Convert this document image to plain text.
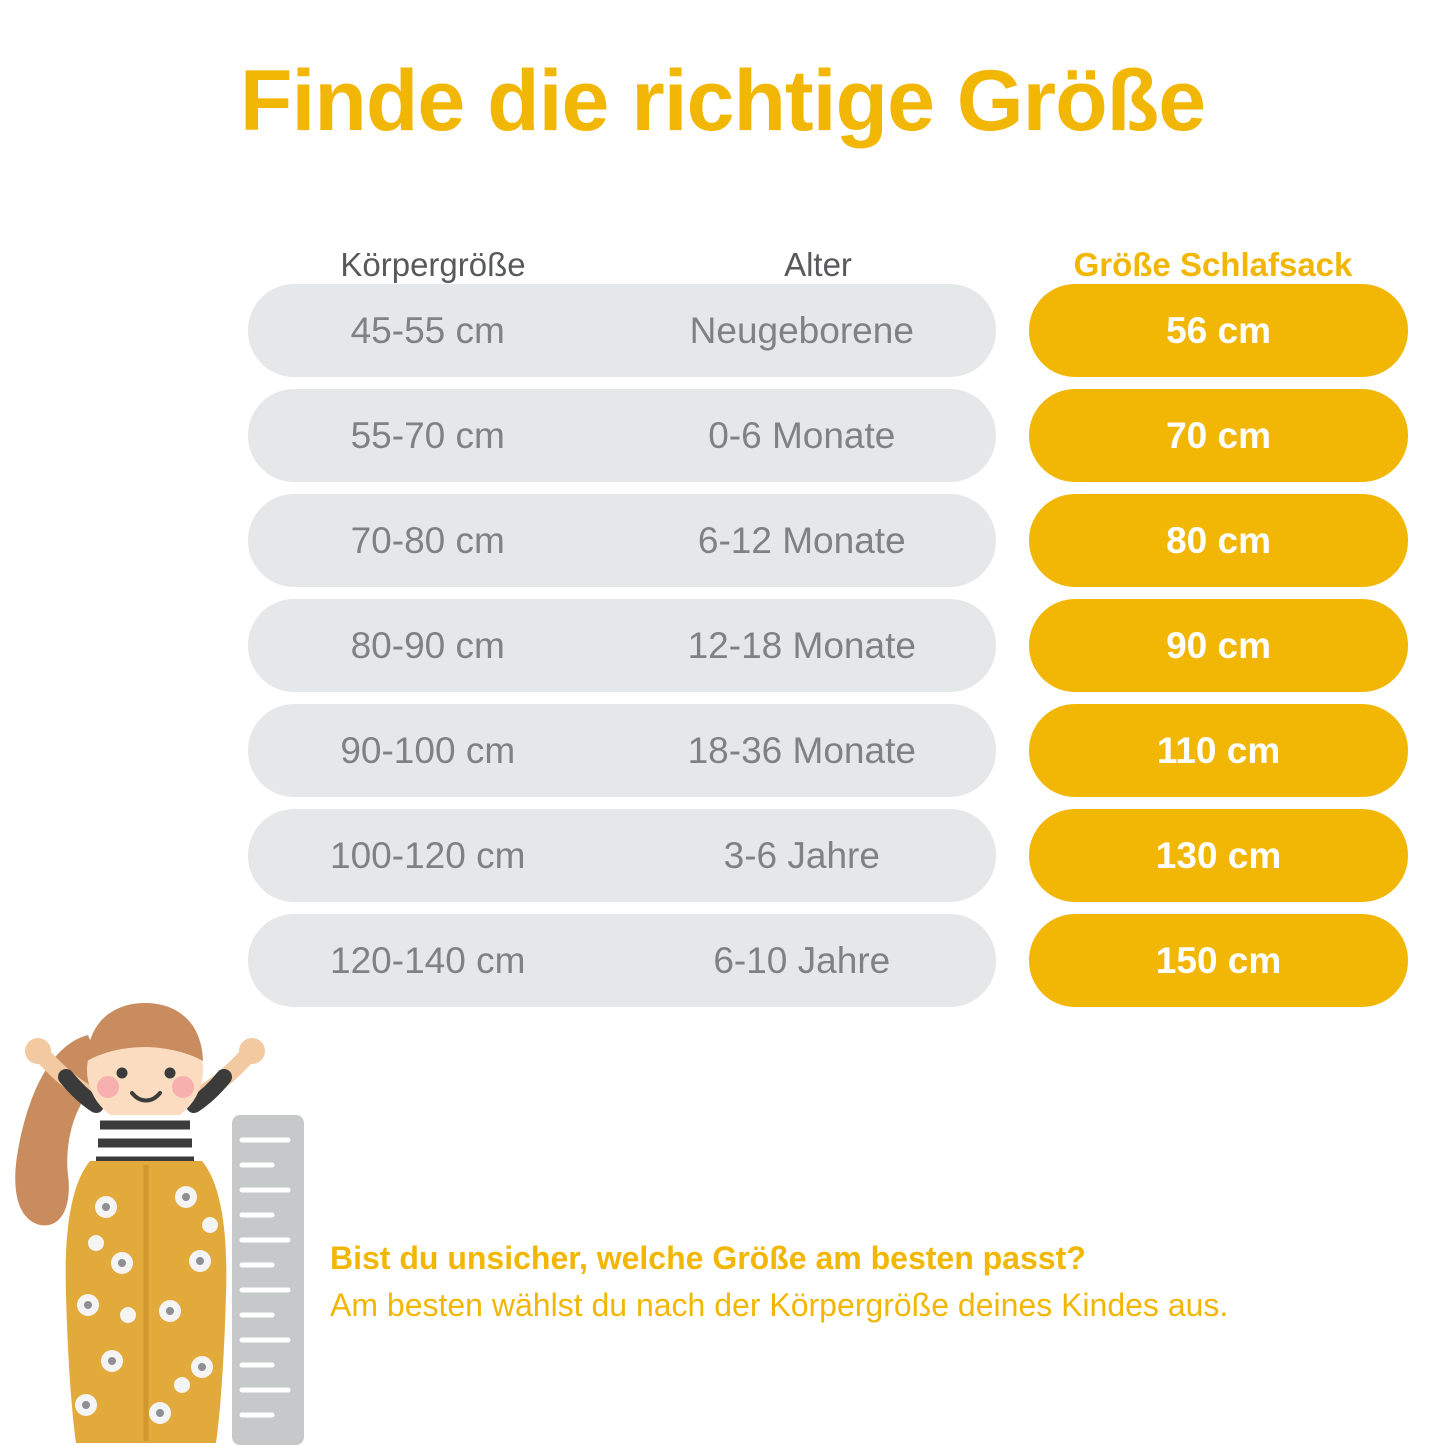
Finde die richtige Größe
Körpergröße	Alter	Größe Schlafsack
45-55 cm	Neugeborene	56 cm
55-70 cm	0-6 Monate	70 cm
70-80 cm	6-12 Monate	80 cm
80-90 cm	12-18 Monate	90 cm
90-100 cm	18-36 Monate	110 cm
100-120 cm	3-6 Jahre	130 cm
120-140 cm	6-10 Jahre	150 cm
Bist du unsicher, welche Größe am besten passt?
Am besten wählst du nach der Körpergröße deines Kindes aus.
